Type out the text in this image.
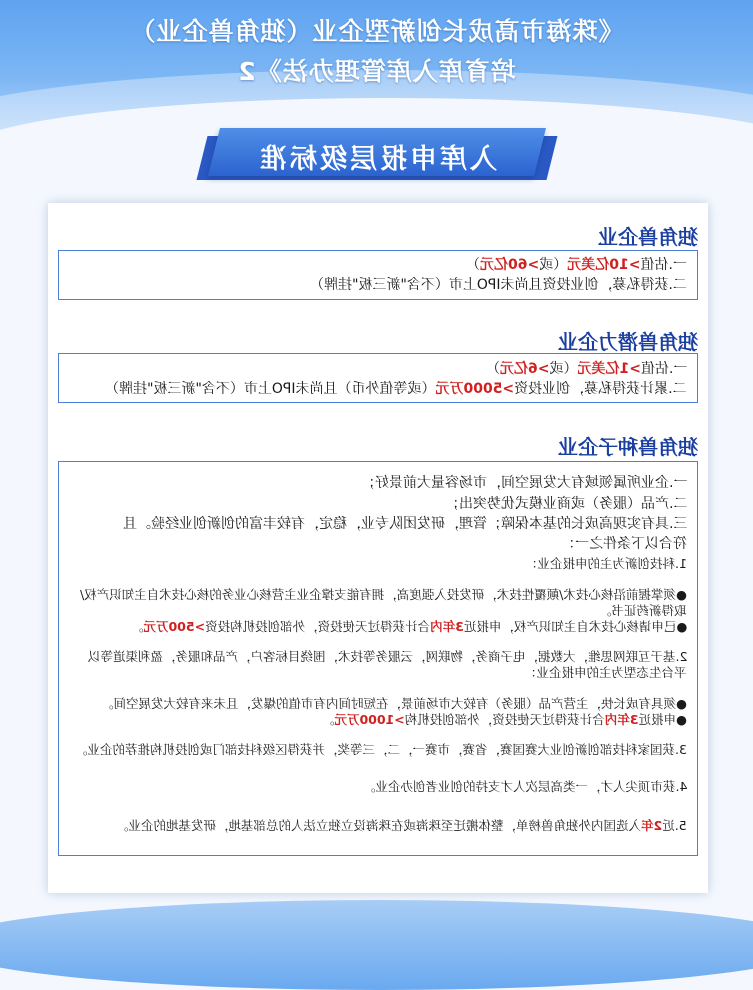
《珠海市高成长创新型企业（独角兽企业）
培育库入库管理办法》2
入库申报层级标准
独角兽企业
一.估值>10亿美元（或>60亿元）
二.获得私募，创业投资且尚未IPO上市（不含"新三板"挂牌）
独角兽潜力企业
一.估值>1亿美元（或>6亿元）
二.累计获得私募，创业投资>5000万元（或等值外币）且尚未IPO上市（不含"新三板"挂牌）
独角兽种子企业
一.企业所属领域有大发展空间，市场容量大前景好；
二.产品（服务）或商业模式优势突出；
三.具有实现高成长的基本保障；管理，研发团队专业，稳定，有较丰富的创新创业经验。且
符合以下条件之一：
1.科技创新为主的申报企业：
●须掌握前沿核心技术/颠覆性技术，研发投入强度高，拥有能支撑企业主营核心业务的核心技术自主知识产权/
取得新药证书。
●已申请核心技术自主知识产权，申报近3年内合计获得过天使投资，外部创投机构投资>500万元。
2.基于互联网思维，大数据，电子商务，物联网，云服务等技术，围绕目标客户，产品和服务，盈利渠道等以
平台生态型为主的申报企业：
●须具有成长快，主营产品（服务）有较大市场前景，在短时间内有市值的爆发，且未来有较大发展空间。
●申报近3年内合计获得过天使投资，外部创投机构>1000万元。
3.获国家科技部创新创业大赛国赛，省赛，市赛一，二，三等奖，并获得区级科技部门或创投机构推荐的企业。
4.获市顶尖人才，一类高层次人才支持的创业者创办企业。
5.近2年入选国内外独角兽榜单，整体搬迁至珠海或在珠海设立独立法人的总部基地，研发基地的企业。
